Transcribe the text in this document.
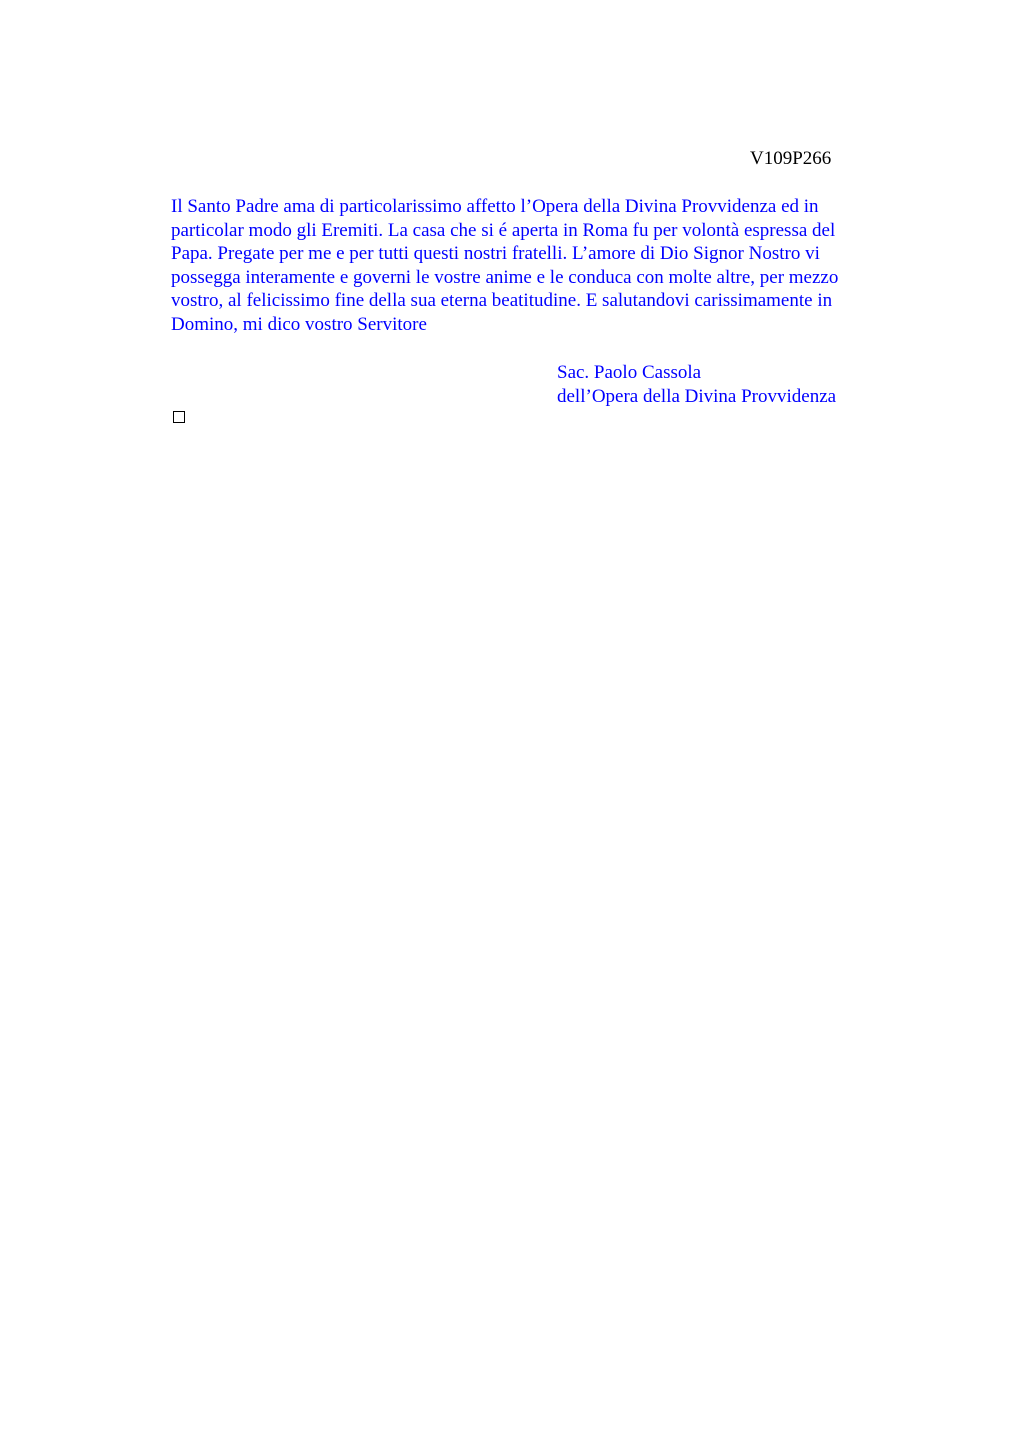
V109P266
Il Santo Padre ama di particolarissimo affetto l’Opera della Divina Provvidenza ed in
particolar modo gli Eremiti. La casa che si é aperta in Roma fu per volontà espressa del
Papa. Pregate per me e per tutti questi nostri fratelli. L’amore di Dio Signor Nostro vi
possegga interamente e governi le vostre anime e le conduca con molte altre, per mezzo
vostro, al felicissimo fine della sua eterna beatitudine. E salutandovi carissimamente in
Domino, mi dico vostro Servitore
Sac. Paolo Cassola
dell’Opera della Divina Provvidenza
